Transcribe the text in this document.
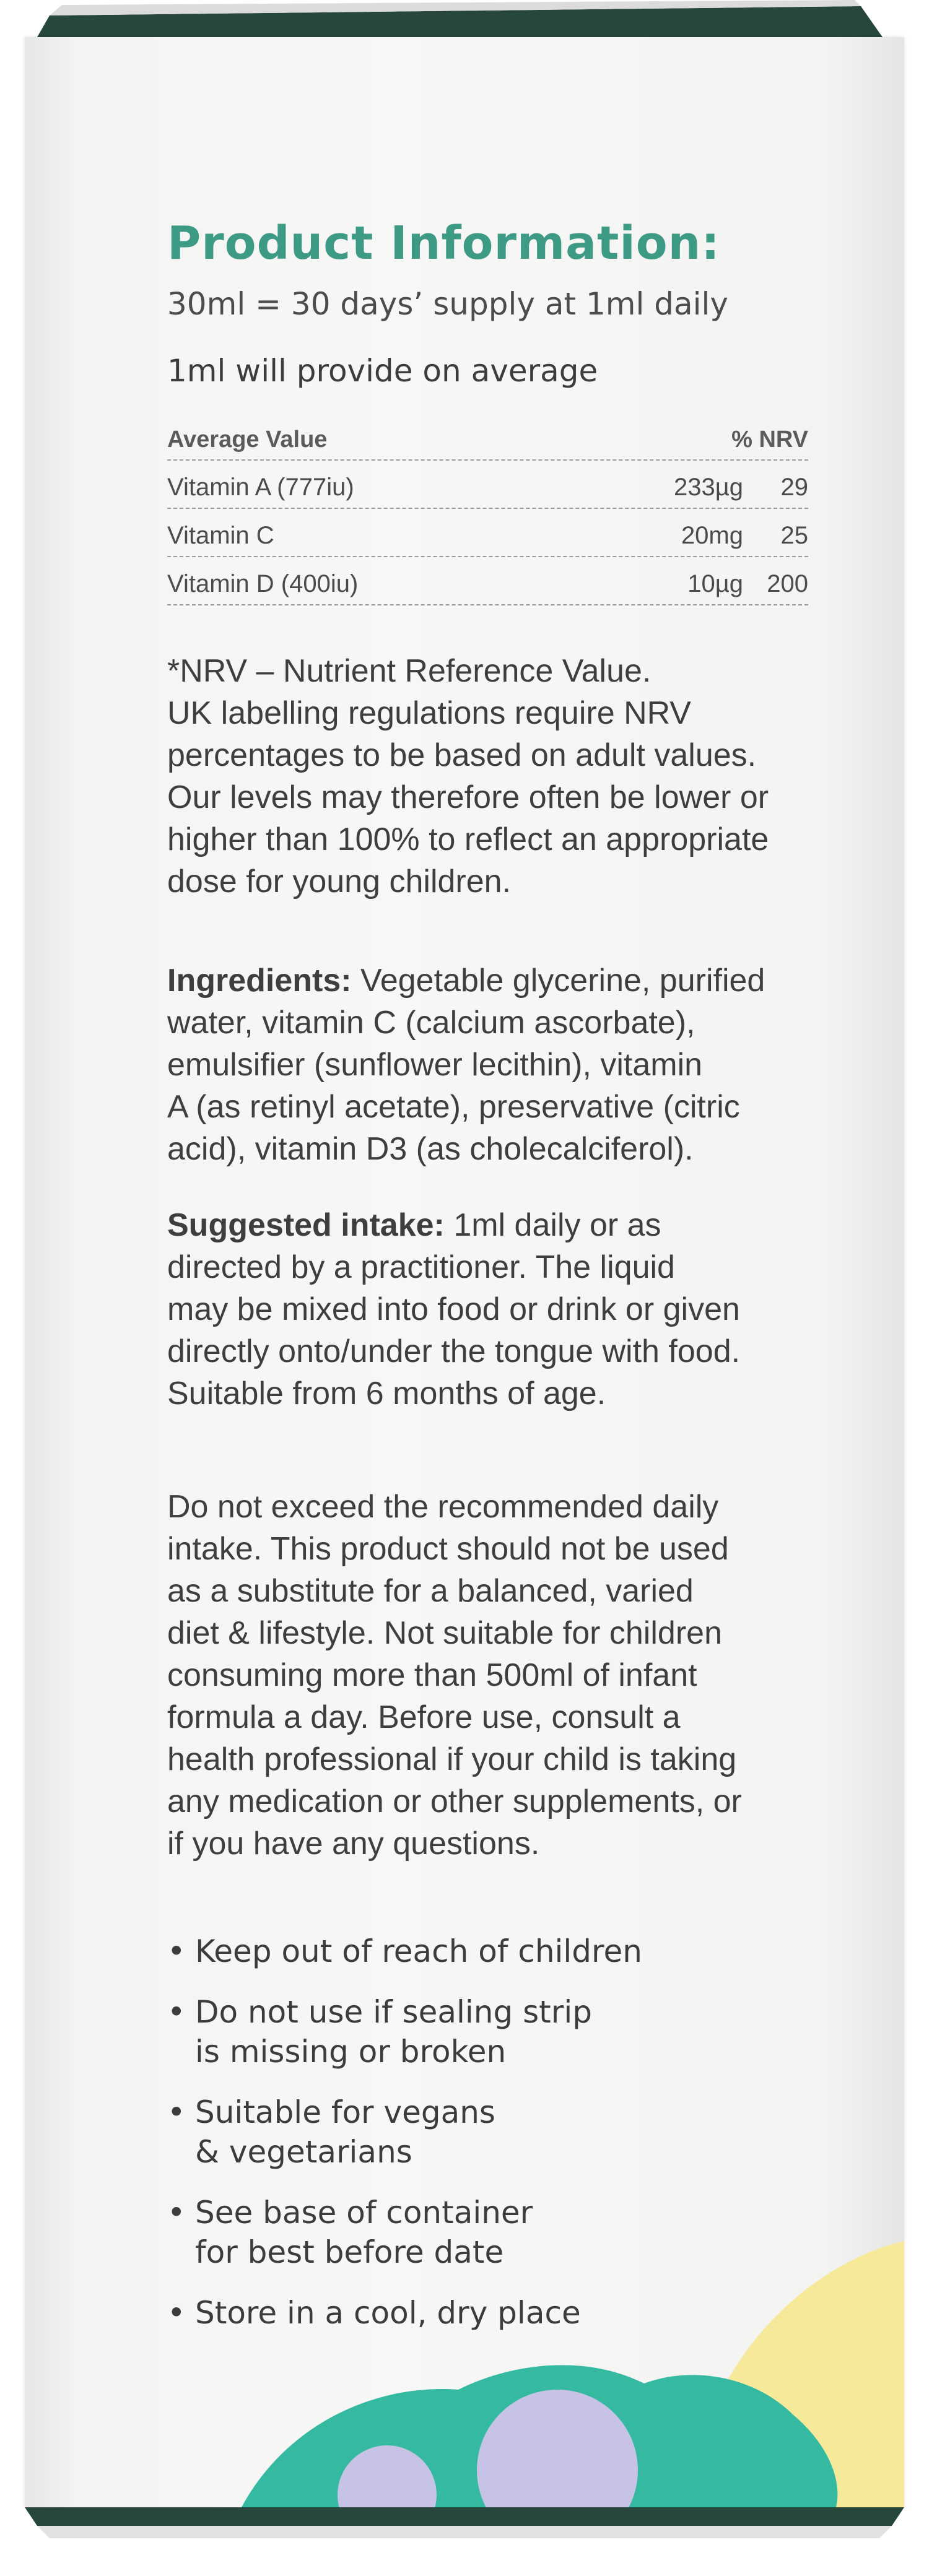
Product Information:
30ml = 30 days’ supply at 1ml daily
1ml will provide on average
Average Value	% NRV
Vitamin A (777iu)	233µg 29
Vitamin C	20mg 25
Vitamin D (400iu)	10µg 200
*NRV – Nutrient Reference Value.
UK labelling regulations require NRV
percentages to be based on adult values.
Our levels may therefore often be lower or
higher than 100% to reflect an appropriate
dose for young children.
Ingredients: Vegetable glycerine, purified
water, vitamin C (calcium ascorbate),
emulsifier (sunflower lecithin), vitamin
A (as retinyl acetate), preservative (citric
acid), vitamin D3 (as cholecalciferol).
Suggested intake: 1ml daily or as
directed by a practitioner. The liquid
may be mixed into food or drink or given
directly onto/under the tongue with food.
Suitable from 6 months of age.
Do not exceed the recommended daily
intake. This product should not be used
as a substitute for a balanced, varied
diet & lifestyle. Not suitable for children
consuming more than 500ml of infant
formula a day. Before use, consult a
health professional if your child is taking
any medication or other supplements, or
if you have any questions.
• Keep out of reach of children
• Do not use if sealing strip
is missing or broken
• Suitable for vegans
& vegetarians
• See base of container
for best before date
• Store in a cool, dry place
